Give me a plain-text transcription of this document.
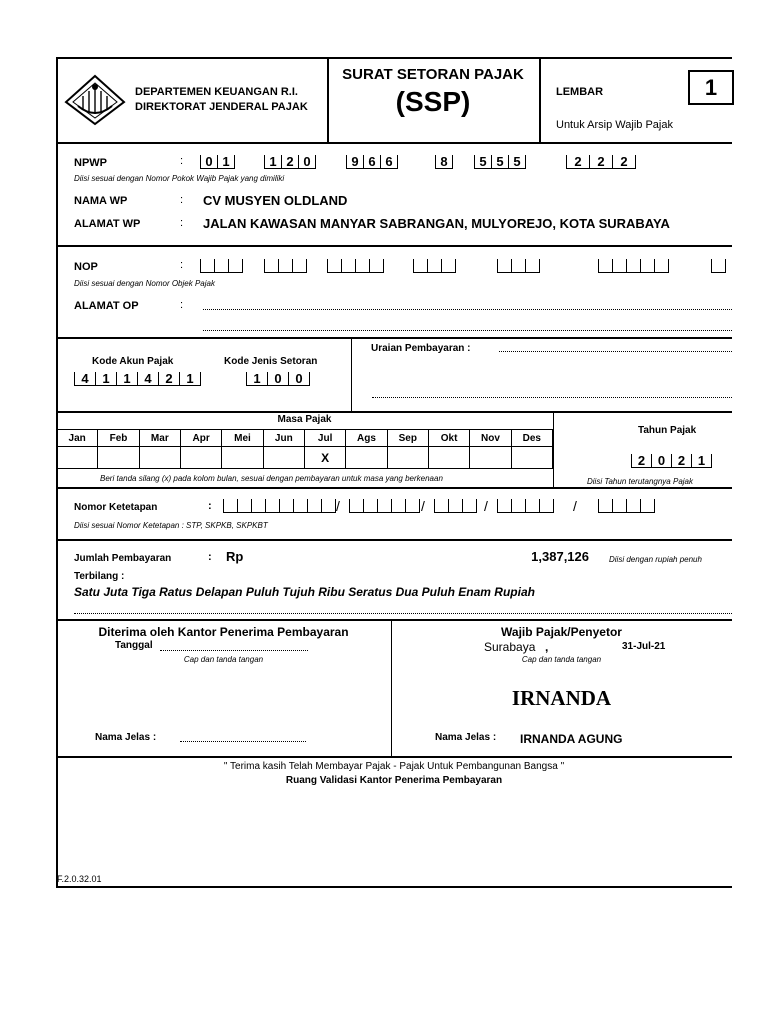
DEPARTEMEN KEUANGAN R.I.
DIREKTORAT JENDERAL PAJAK
SURAT SETORAN PAJAK
(SSP)	LEMBAR	1
Untuk Arsip Wajib Pajak
NPWP	:	0 1	1 2 0	9 6 6	8	5 5 5	2	2	2
Diisi sesuai dengan Nomor Pokok Wajib Pajak yang dimiliki
NAMA WP	: CV MUSYEN OLDLAND
ALAMAT WP	: JALAN KAWASAN MANYAR SABRANGAN, MULYOREJO, KOTA SURABAYA
NOP	:
Diisi sesuai dengan Nomor Objek Pajak
ALAMAT OP	:
Kode Akun Pajak	Kode Jenis Setoran
4	1	1	4	2	1	1	0	0
Uraian Pembayaran :
Masa Pajak
Jan	Feb	Mar	Apr	Mei	Jun	Jul	Ags	Sep	Okt	Nov	Des
						X					
Beri tanda silang (x) pada kolom bulan, sesuai dengan pembayaran untuk masa yang berkenaan
Tahun Pajak
2 0 2 1
Diisi Tahun terutangnya Pajak
Nomor Ketetapan	:	/	/	/	/
Diisi sesuai Nomor Ketetapan : STP, SKPKB, SKPKBT
Jumlah Pembayaran	: Rp	1,387,126	Diisi dengan rupiah penuh
Terbilang :
Satu Juta Tiga Ratus Delapan Puluh Tujuh Ribu Seratus Dua Puluh Enam Rupiah
Diterima oleh Kantor Penerima Pembayaran
Tanggal
Cap dan tanda tangan
Nama Jelas :
Wajib Pajak/Penyetor
Surabaya ,	31-Jul-21
Cap dan tanda tangan
IRNANDA
Nama Jelas : IRNANDA AGUNG
" Terima kasih Telah Membayar Pajak - Pajak Untuk Pembangunan Bangsa "
Ruang Validasi Kantor Penerima Pembayaran
F.2.0.32.01
